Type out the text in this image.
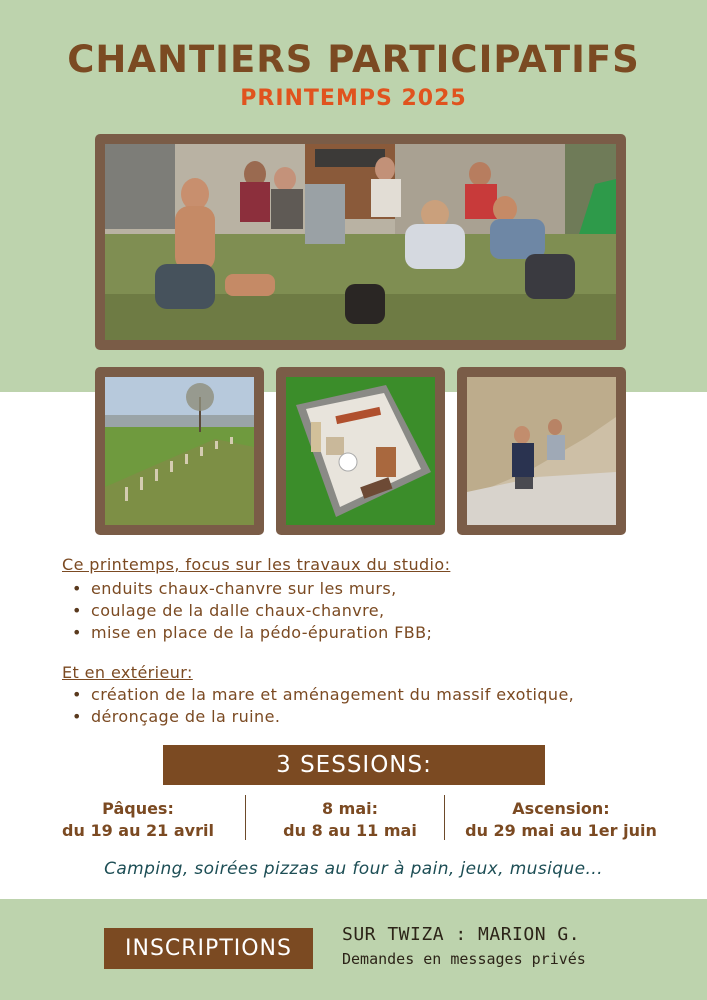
CHANTIERS PARTICIPATIFS
PRINTEMPS 2025
Ce printemps, focus sur les travaux du studio:
• enduits chaux-chanvre sur les murs,
• coulage de la dalle chaux-chanvre,
• mise en place de la pédo-épuration FBB;
Et en extérieur:
• création de la mare et aménagement du massif exotique,
• déronçage de la ruine.
3 SESSIONS:
Pâques:
du 19 au 21 avril
8 mai:
du 8 au 11 mai
Ascension:
du 29 mai au 1er juin
Camping, soirées pizzas au four à pain, jeux, musique...
INSCRIPTIONS
SUR TWIZA : MARION G.
Demandes en messages privés
